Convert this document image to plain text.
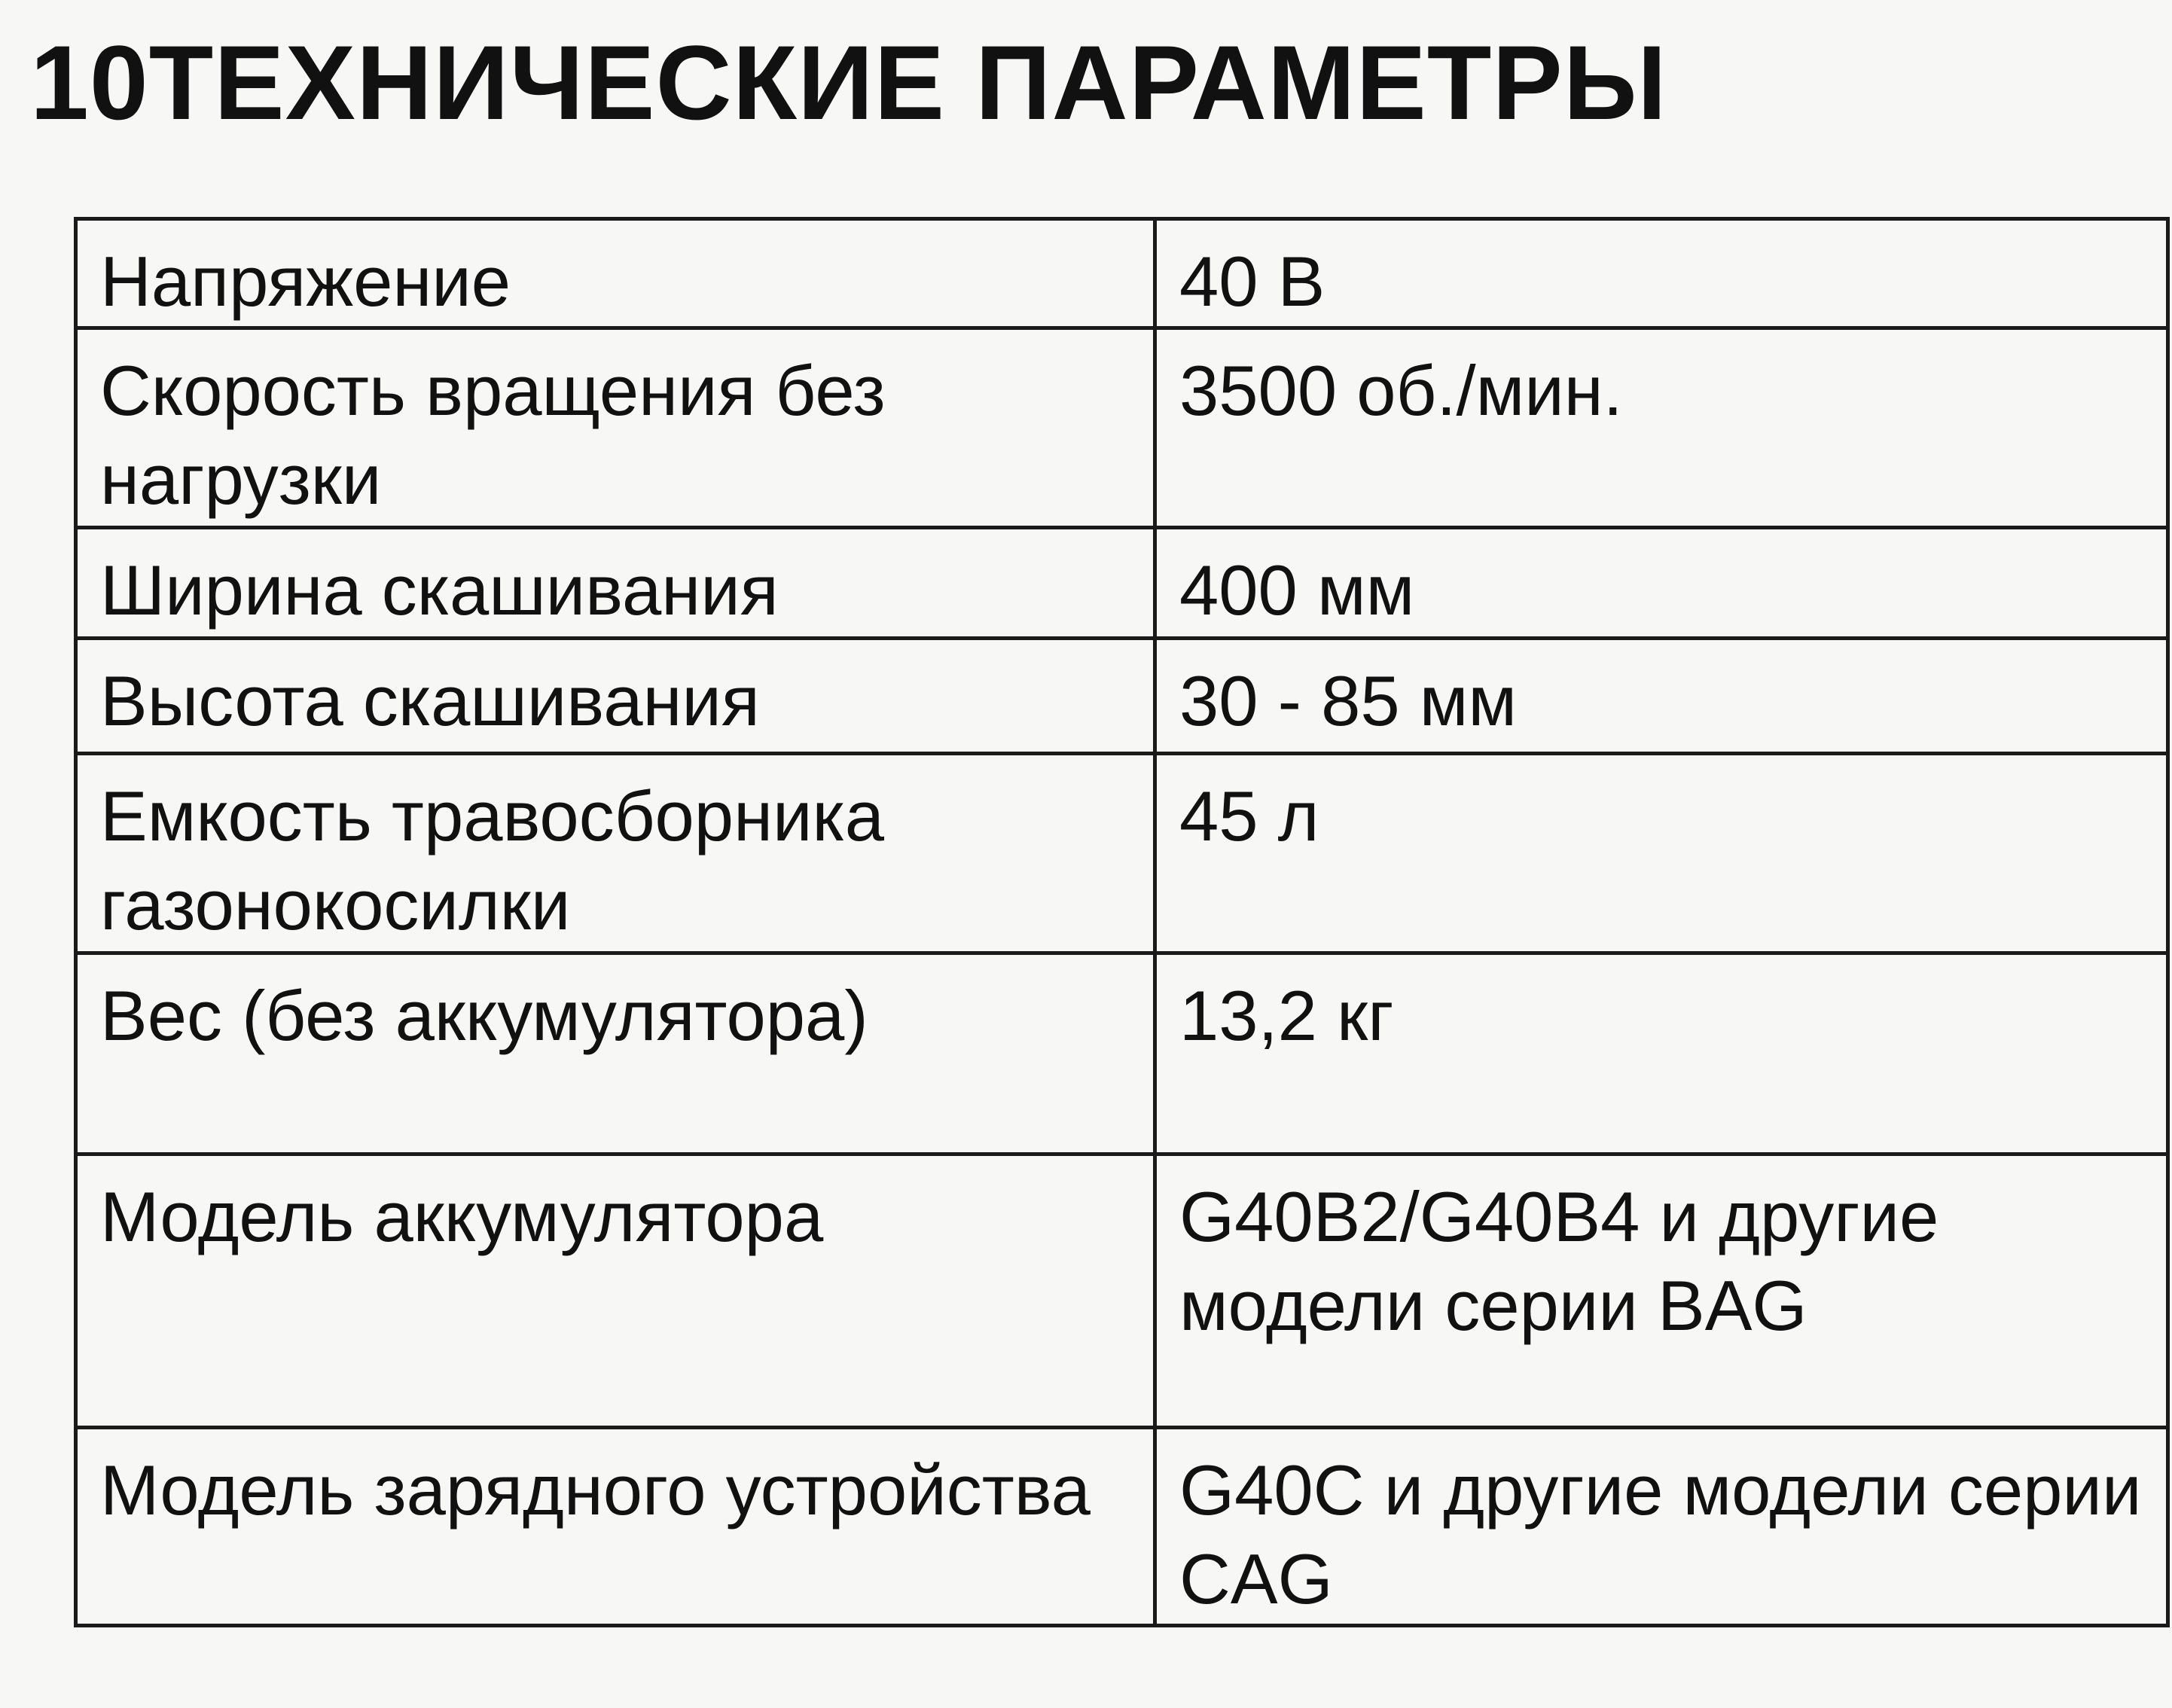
10ТЕХНИЧЕСКИЕ ПАРАМЕТРЫ
Напряжение	40 В
Скорость вращения без нагрузки	3500 об./мин.
Ширина скашивания	400 мм
Высота скашивания	30 - 85 мм
Емкость травосборника газонокосилки	45 л
Вес (без аккумулятора)	13,2 кг
Модель аккумулятора	G40B2/G40B4 и другие модели серии BAG
Модель зарядного устройства	G40C и другие модели серии CAG
